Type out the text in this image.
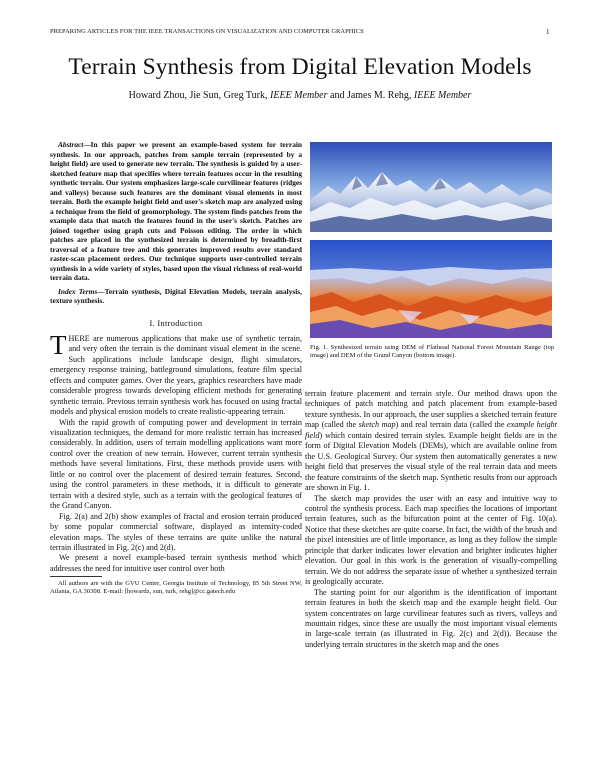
PREPARING ARTICLES FOR THE IEEE TRANSACTIONS ON VISUALIZATION AND COMPUTER GRAPHICS	1
Terrain Synthesis from Digital Elevation Models
Howard Zhou, Jie Sun, Greg Turk, IEEE Member and James M. Rehg, IEEE Member

Abstract—In this paper we present an example-based system for terrain synthesis. In our approach, patches from sample terrain (represented by a height field) are used to generate new terrain. The synthesis is guided by a user-sketched feature map that specifies where terrain features occur in the resulting synthetic terrain. Our system emphasizes large-scale curvilinear features (ridges and valleys) because such features are the dominant visual elements in most terrain. Both the example height field and user's sketch map are analyzed using a technique from the field of geomorphology. The system finds patches from the example data that match the features found in the user's sketch. Patches are joined together using graph cuts and Poisson editing. The order in which patches are placed in the synthesized terrain is determined by breadth-first traversal of a feature tree and this generates improved results over standard raster-scan placement orders. Our technique supports user-controlled terrain synthesis in a wide variety of styles, based upon the visual richness of real-world terrain data.

Index Terms—Terrain synthesis, Digital Elevation Models, terrain analysis, texture synthesis.

I. Introduction

THERE are numerous applications that make use of synthetic terrain, and very often the terrain is the dominant visual element in the scene. Such applications include landscape design, flight simulators, emergency response training, battleground simulations, feature film special effects and computer games. Over the years, graphics researchers have made considerable progress towards developing efficient methods for generating synthetic terrain. Previous terrain synthesis work has focused on using fractal models and physical erosion models to create realistic-appearing terrain.

With the rapid growth of computing power and development in terrain visualization techniques, the demand for more realistic terrain has increased considerably. In addition, users of terrain modelling applications want more control over the creation of new terrain. However, current terrain synthesis methods have several limitations. First, these methods provide users with little or no control over the placement of desired terrain features. Second, using the control parameters in these methods, it is difficult to generate terrain with a desired style, such as a terrain with the geological features of the Grand Canyon.

Fig. 2(a) and 2(b) show examples of fractal and erosion terrain produced by some popular commercial software, displayed as intensity-coded elevation maps. The styles of these terrains are quite unlike the natural terrain illustrated in Fig. 2(c) and 2(d).

We present a novel example-based terrain synthesis method which addresses the need for intuitive user control over both

All authors are with the GVU Center, Georgia Institute of Technology, 85 5th Street NW, Atlanta, GA 30308. E-mail: [howardz, sun, turk, rehg]@cc.gatech.edu

Fig. 1. Synthesized terrain using DEM of Flathead National Forest Mountain Range (top image) and DEM of the Grand Canyon (bottom image).

terrain feature placement and terrain style. Our method draws upon the techniques of patch matching and patch placement from example-based texture synthesis. In our approach, the user supplies a sketched terrain feature map (called the sketch map) and real terrain data (called the example height field) which contain desired terrain styles. Example height fields are in the form of Digital Elevation Models (DEMs), which are available online from the U.S. Geological Survey. Our system then automatically generates a new height field that preserves the visual style of the real terrain data and meets the feature constraints of the sketch map. Synthetic results from our approach are shown in Fig. 1.

The sketch map provides the user with an easy and intuitive way to control the synthesis process. Each map specifies the locations of important terrain features, such as the bifurcation point at the center of Fig. 10(a). Notice that these sketches are quite coarse. In fact, the width of the brush and the pixel intensities are of little importance, as long as they follow the simple principle that darker indicates lower elevation and brighter indicates higher elevation. Our goal in this work is the generation of visually-compelling terrain. We do not address the separate issue of whether a synthesized terrain is geologically accurate.

The starting point for our algorithm is the identification of important terrain features in both the sketch map and the example height field. Our system concentrates on large curvilinear features such as rivers, valleys and mountain ridges, since these are usually the most important visual elements in large-scale terrain (as illustrated in Fig. 2(c) and 2(d)). Because the underlying terrain structures in the sketch map and the ones
